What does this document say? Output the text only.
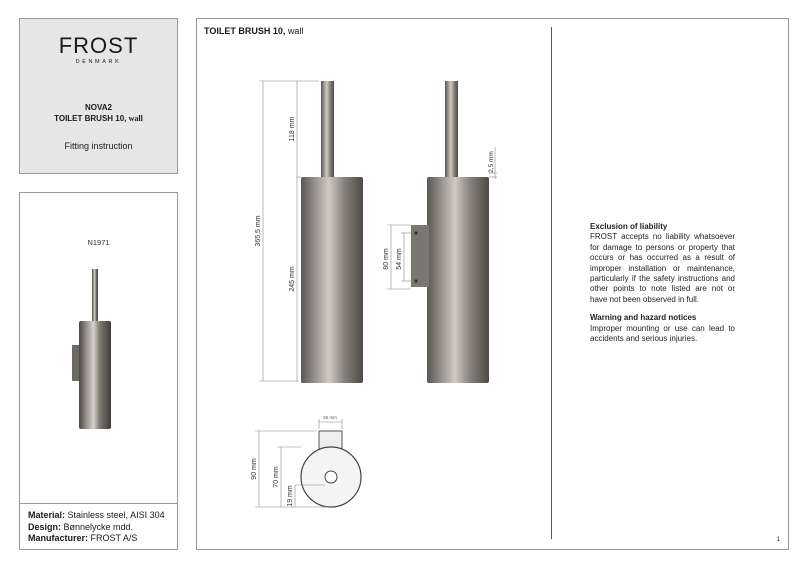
FROST
DENMARK
NOVA2
TOILET BRUSH 10, wall
Fitting instruction
N1971
Material: Stainless steel, AISI 304
Design: Bønnelycke mdd.
Manufacturer: FROST A/S
TOILET BRUSH 10, wall
365,5 mm
118 mm
245 mm
80 mm 54 mm
2,5 mm
26 mm
90 mm 70 mm
19 mm

Exclusion of liability

FROST accepts no liability whatsoever for damage to persons or property that occurs or has occurred as a result of improper installation or maintenance, particularly if the safety instructions and other points to note listed are not or have not been observed in full.

Warning and hazard notices

Improper mounting or use can lead to accidents and serious injuries.

1
